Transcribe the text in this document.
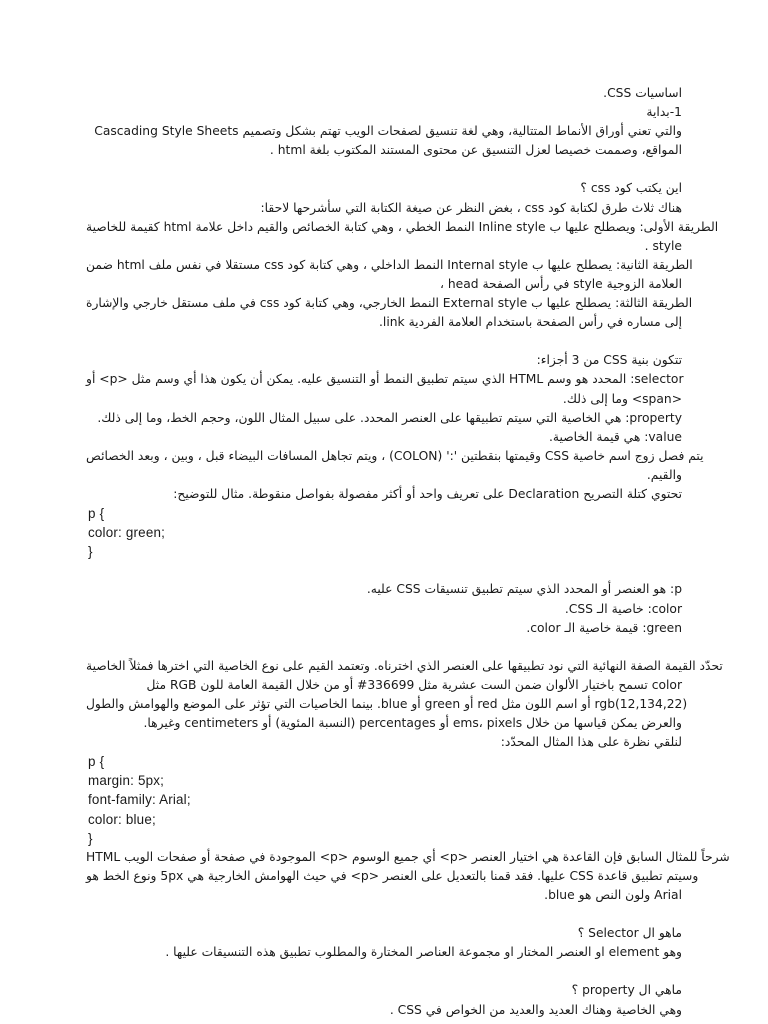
اساسيات CSS.
1-بداية
والتي تعني أوراق الأنماط المتتالية، وهي لغة تنسيق لصفحات الويب تهتم بشكل وتصميم Cascading Style Sheets
المواقع، وصممت خصيصا لعزل التنسيق عن محتوى المستند المكتوب بلغة html .
اين يكتب كود css ؟
هناك ثلاث طرق لكتابة كود css ، بغض النظر عن صيغة الكتابة التي سأشرحها لاحقا:
الطريقة الأولى: ويصطلح عليها ب Inline style النمط الخطي ، وهي كتابة الخصائص والقيم داخل علامة html كقيمة للخاصية
style .
الطريقة الثانية: يصطلح عليها ب Internal style النمط الداخلي ، وهي كتابة كود css مستقلا في نفس ملف html ضمن
العلامة الزوجية style في رأس الصفحة head ،
الطريقة الثالثة: يصطلح عليها ب External style النمط الخارجي، وهي كتابة كود css في ملف مستقل خارجي والإشارة
إلى مساره في رأس الصفحة باستخدام العلامة الفردية link.
تتكون بنية CSS من 3 أجزاء:
selector: المحدد هو وسم HTML الذي سيتم تطبيق النمط أو التنسيق عليه. يمكن أن يكون هذا أي وسم مثل <p> أو
<span> وما إلى ذلك.
property: هي الخاصية التي سيتم تطبيقها على العنصر المحدد. على سبيل المثال اللون، وحجم الخط، وما إلى ذلك.
value: هي قيمة الخاصية.
يتم فصل زوج اسم خاصية CSS وقيمتها بنقطتين ':' (COLON) ، ويتم تجاهل المسافات البيضاء قبل ، وبين ، وبعد الخصائص
والقيم.
تحتوي كتلة التصريح Declaration على تعريف واحد أو أكثر مفصولة بفواصل منقوطة. مثال للتوضيح:
p {
color: green;
}
p: هو العنصر أو المحدد الذي سيتم تطبيق تنسيقات CSS عليه.
color: خاصية الـ CSS.
green: قيمة خاصية الـ color.
تحدّد القيمة الصفة النهائية التي نود تطبيقها على العنصر الذي اخترناه. وتعتمد القيم على نوع الخاصية التي اخترها فمثلاً الخاصية
color تسمح باختيار الألوان ضمن الست عشرية مثل 336699# أو من خلال القيمة العامة للون RGB مثل
rgb(12,134,22) أو اسم اللون مثل red أو green أو blue. بينما الخاصيات التي تؤثر على الموضع والهوامش والطول
والعرض يمكن قياسها من خلال ems، pixels أو percentages (النسبة المئوية) أو centimeters وغيرها.
لنلقي نظرة على هذا المثال المحدّد:
p {
margin: 5px;
font-family: Arial;
color: blue;
}
شرحاً للمثال السابق فإن القاعدة هي اختيار العنصر <p> أي جميع الوسوم <p> الموجودة في صفحة أو صفحات الويب HTML
وسيتم تطبيق قاعدة CSS عليها. فقد قمنا بالتعديل على العنصر <p> في حيث الهوامش الخارجية هي 5px ونوع الخط هو
Arial ولون النص هو blue.
ماهو ال Selector ؟
وهو element او العنصر المختار او مجموعة العناصر المختارة والمطلوب تطبيق هذه التنسيقات عليها .
ماهي ال property ؟
وهي الخاصية وهناك العديد والعديد من الخواص في CSS .
